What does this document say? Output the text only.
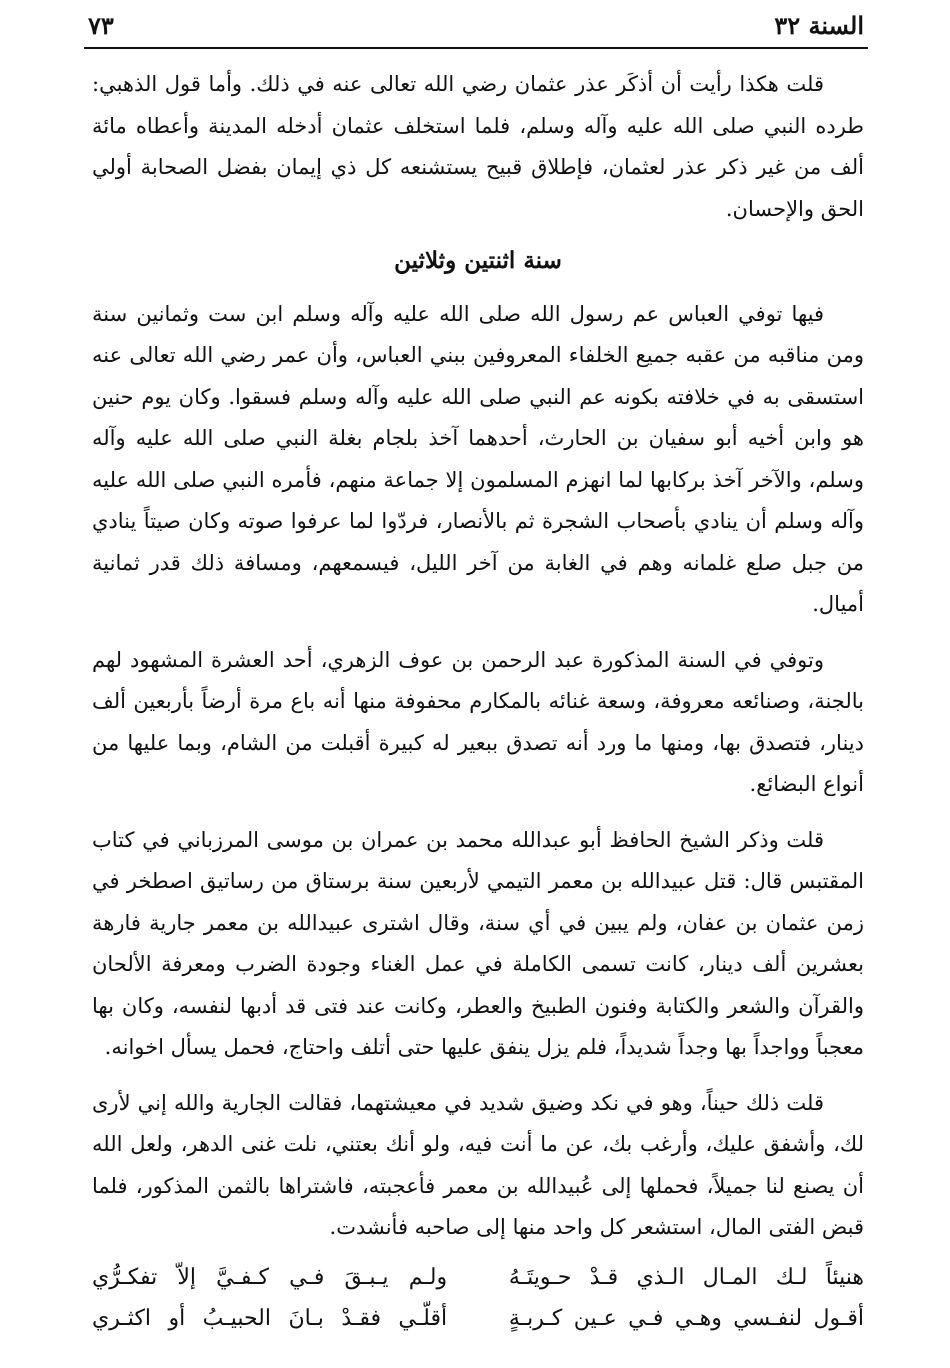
السنة ٣٢
٧٣

قلت هكذا رأيت أن أذكَر عذر عثمان رضي الله تعالى عنه في ذلك. وأما قول الذهبي: طرده النبي صلى الله عليه وآله وسلم، فلما استخلف عثمان أدخله المدينة وأعطاه مائة ألف من غير ذكر عذر لعثمان، فإطلاق قبيح يستشنعه كل ذي إيمان بفضل الصحابة أولي الحق والإحسان.

سنة اثنتين وثلاثين

فيها توفي العباس عم رسول الله صلى الله عليه وآله وسلم ابن ست وثمانين سنة ومن مناقبه من عقبه جميع الخلفاء المعروفين ببني العباس، وأن عمر رضي الله تعالى عنه استسقى به في خلافته بكونه عم النبي صلى الله عليه وآله وسلم فسقوا. وكان يوم حنين هو وابن أخيه أبو سفيان بن الحارث، أحدهما آخذ بلجام بغلة النبي صلى الله عليه وآله وسلم، والآخر آخذ بركابها لما انهزم المسلمون إلا جماعة منهم، فأمره النبي صلى الله عليه وآله وسلم أن ينادي بأصحاب الشجرة ثم بالأنصار، فردّوا لما عرفوا صوته وكان صيتاً ينادي من جبل صلع غلمانه وهم في الغابة من آخر الليل، فيسمعهم، ومسافة ذلك قدر ثمانية أميال.

وتوفي في السنة المذكورة عبد الرحمن بن عوف الزهري، أحد العشرة المشهود لهم بالجنة، وصنائعه معروفة، وسعة غنائه بالمكارم محفوفة منها أنه باع مرة أرضاً بأربعين ألف دينار، فتصدق بها، ومنها ما ورد أنه تصدق ببعير له كبيرة أقبلت من الشام، وبما عليها من أنواع البضائع.

قلت وذكر الشيخ الحافظ أبو عبدالله محمد بن عمران بن موسى المرزباني في كتاب المقتبس قال: قتل عبيدالله بن معمر التيمي لأربعين سنة برستاق من رساتيق اصطخر في زمن عثمان بن عفان، ولم يبين في أي سنة، وقال اشترى عبيدالله بن معمر جارية فارهة بعشرين ألف دينار، كانت تسمى الكاملة في عمل الغناء وجودة الضرب ومعرفة الألحان والقرآن والشعر والكتابة وفنون الطبيخ والعطر، وكانت عند فتى قد أدبها لنفسه، وكان بها معجباً وواجداً بها وجداً شديداً، فلم يزل ينفق عليها حتى أتلف واحتاج، فحمل يسأل اخوانه.

قلت ذلك حيناً، وهو في نكد وضيق شديد في معيشتهما، فقالت الجارية والله إني لأرى لك، وأشفق عليك، وأرغب بك، عن ما أنت فيه، ولو أنك بعتني، نلت غنى الدهر، ولعل الله أن يصنع لنا جميلاً، فحملها إلى عُبيدالله بن معمر فأعجبته، فاشتراها بالثمن المذكور، فلما قبض الفتى المال، استشعر كل واحد منها إلى صاحبه فأنشدت.

هنيئاً لـك المـال الـذي قـدْ حـويتَـهُ
ولـم يـبـقَ فـي كـفـيَّ إلاّ تفكـرُّي
أقـول لنفـسي وهـي فـي عـين كـربـةٍ
أقلّـي فقـدْ بـانَ الحبيـبُ أو اكثـري
